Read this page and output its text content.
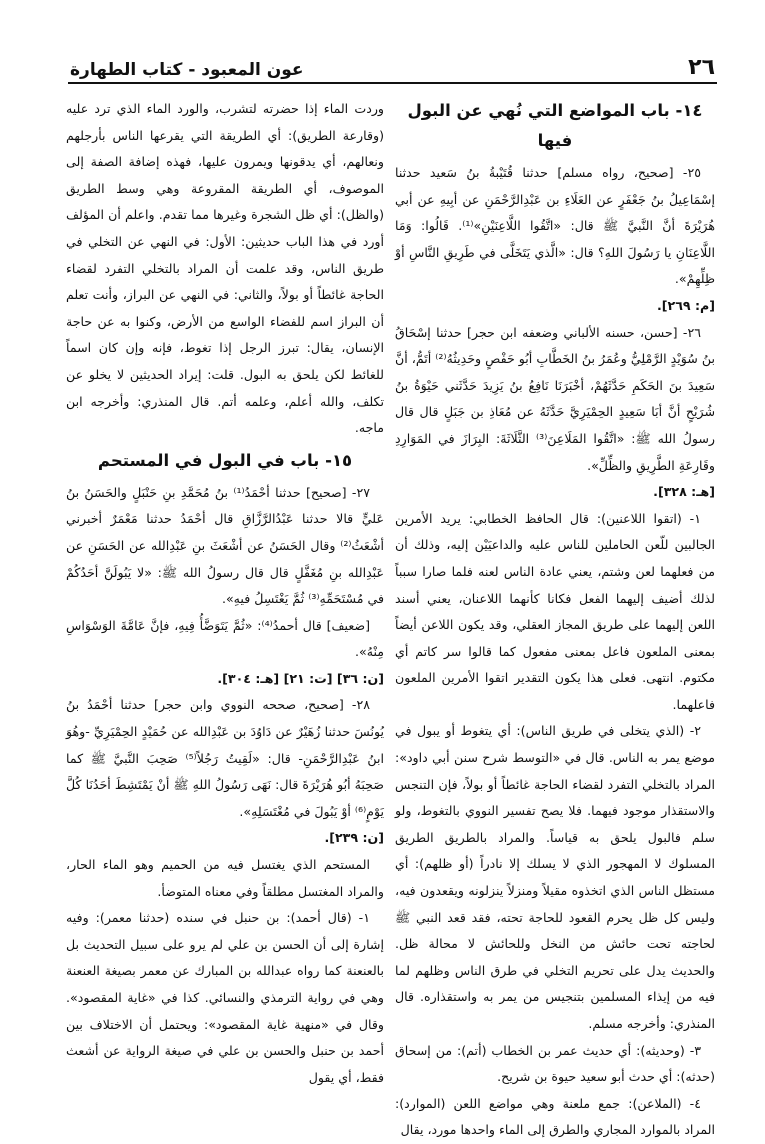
٢٦
عون المعبود - كتاب الطهارة
١٤- باب المواضع التي نُهي عن البول فيها

٢٥- [صحيح، رواه مسلم] حدثنا قُتَيْبةُ بنُ سَعيد حدثنا إسْمَاعِيلُ بنُ جَعْفَرٍ عن العَلَاءِ بن عَبْدِالرَّحْمَنِ عن أبِيهِ عن أبي هُرَيْرَةَ أنَّ النَّبيَّ ﷺ قال: «اتَّقُوا اللَّاعِنَيْنِ»⁽¹⁾. قَالُوا: وَمَا اللَّاعِنَانِ يا رَسُولَ اللهِ؟ قال: «الَّذي يَتَخَلَّى في طَرِيقِ النَّاسِ أوْ ظِلِّهِمْ».

[م: ٢٦٩].

٢٦- [حسن، حسنه الألباني وضعفه ابن حجر] حدثنا إسْحَاقُ بنُ سُوَيْدٍ الرَّمْلِيُّ وعُمَرُ بنُ الخَطَّابِ أبُو حَفْصٍ وحَدِيثُهُ⁽²⁾ أتَمُّ، أنَّ سَعِيدَ بنَ الحَكَمِ حَدَّثَهُمْ، أخْبَرَنَا نَافِعُ بنُ يَزِيدَ حَدَّثَني حَيْوَةُ بنُ شُرَيْحٍ أنَّ أبَا سَعِيدٍ الحِمْيَرِيَّ حَدَّثَهُ عن مُعَاذِ بن جَبَلٍ قال قال رسولُ الله ﷺ: «اتَّقُوا المَلَاعِنَ⁽³⁾ الثَّلَاثَةَ: البِرَازَ في المَوَارِدِ وقَارِعَةِ الطَّرِيقِ والظِّلِّ».

[هـ: ٣٢٨].

١- (اتقوا اللاعنين): قال الحافظ الخطابي: يريد الأمرين الجالبين للّعن الحاملين للناس عليه والداعيَيْن إليه، وذلك أن من فعلهما لعن وشتم، يعني عادة الناس لعنه فلما صارا سبباً لذلك أضيف إليهما الفعل فكانا كأنهما اللاعنان، يعني أسند اللعن إليهما على طريق المجاز العقلي، وقد يكون اللاعن أيضاً بمعنى الملعون فاعل بمعنى مفعول كما قالوا سر كاتم أي مكتوم. انتهى. فعلى هذا يكون التقدير اتقوا الأمرين الملعون فاعلهما.

٢- (الذي يتخلى في طريق الناس): أي يتغوط أو يبول في موضع يمر به الناس. قال في «التوسط شرح سنن أبي داود»: المراد بالتخلي التفرد لقضاء الحاجة غائطاً أو بولاً، فإن التنجس والاستقذار موجود فيهما. فلا يصح تفسير النووي بالتغوط، ولو سلم فالبول يلحق به قياساً. والمراد بالطريق الطريق المسلوك لا المهجور الذي لا يسلك إلا نادراً (أو ظلهم): أي مستظل الناس الذي اتخذوه مقيلاً ومنزلاً ينزلونه ويقعدون فيه، وليس كل ظل يحرم القعود للحاجة تحته، فقد قعد النبي ﷺ لحاجته تحت حائش من النخل وللحائش لا محالة ظل. والحديث يدل على تحريم التخلي في طرق الناس وظلهم لما فيه من إيذاء المسلمين بتنجيس من يمر به واستقذاره. قال المنذري: وأخرجه مسلم.

٣- (وحديثه): أي حديث عمر بن الخطاب (أتم): من إسحاق (حدثه): أي حدث أبو سعيد حيوة بن شريح.

٤- (الملاعن): جمع ملعنة وهي مواضع اللعن (الموارد): المراد بالموارد المجاري والطرق إلى الماء واحدها مورد، يقال

وردت الماء إذا حضرته لتشرب، والورد الماء الذي ترد عليه (وقارعة الطريق): أي الطريقة التي يقرعها الناس بأرجلهم ونعالهم، أي يدقونها ويمرون عليها، فهذه إضافة الصفة إلى الموصوف، أي الطريقة المقروعة وهي وسط الطريق (والظل): أي ظل الشجرة وغيرها مما تقدم. واعلم أن المؤلف أورد في هذا الباب حديثين: الأول: في النهي عن التخلي في طريق الناس، وقد علمت أن المراد بالتخلي التفرد لقضاء الحاجة غائطاً أو بولاً، والثاني: في النهي عن البراز، وأنت تعلم أن البراز اسم للفضاء الواسع من الأرض، وكنوا به عن حاجة الإنسان، يقال: تبرز الرجل إذا تغوط، فإنه وإن كان اسماً للغائط لكن يلحق به البول. قلت: إيراد الحديثين لا يخلو عن تكلف، والله أعلم، وعلمه أتم. قال المنذري: وأخرجه ابن ماجه.

١٥- باب في البول في المستحم

٢٧- [صحيح] حدثنا أحْمَدُ⁽¹⁾ بنُ مُحَمَّدِ بنِ حَنْبَلٍ والحَسَنُ بنُ عَليٍّ قالا حدثنا عَبْدُالرَّزَّاقِ قال أحْمَدُ حدثنا مَعْمَرٌ أخبرني أشْعَثُ⁽²⁾ وقال الحَسَنُ عن أشْعَثَ بنِ عَبْدِالله عن الحَسَنِ عن عَبْدِالله بنِ مُغَفَّلٍ قال قال رسولُ الله ﷺ: «لا يَبُولَنَّ أحَدُكُمْ في مُسْتَحَمِّهِ⁽³⁾ ثُمَّ يَغْتَسِلُ فيهِ».

[ضعيف] قال أحمدُ⁽⁴⁾: «ثُمَّ يَتَوَضَّأُ فِيهِ، فإنَّ عَامَّةَ الوَسْوَاسِ مِنْهُ».

[ن: ٣٦] [ت: ٢١] [هـ: ٣٠٤].

٢٨- [صحيح، صححه النووي وابن حجر] حدثنا أحْمَدُ بنُ يُونُسَ حدثنا زُهَيْرٌ عن دَاوُدَ بن عَبْدِالله عن حُمَيْدٍ الحِمْيَرِيِّ -وهُوَ ابنُ عَبْدِالرَّحْمَنِ- قال: «لَقِيتُ رَجُلاً⁽⁵⁾ صَحِبَ النَّبيَّ ﷺ كما صَحِبَهُ أبُو هُرَيْرَةَ قال: نَهَى رَسُولُ اللهِ ﷺ أنْ يَمْتَشِطَ أحَدُنَا كُلَّ يَوْمٍ⁽⁶⁾ أوْ يَبُولَ في مُغْتَسَلِهِ».

[ن: ٢٣٩].

المستحم الذي يغتسل فيه من الحميم وهو الماء الحار، والمراد المغتسل مطلقاً وفي معناه المتوضأ.

١- (قال أحمد): بن حنبل في سنده (حدثنا معمر): وفيه إشارة إلى أن الحسن بن علي لم يرو على سبيل التحديث بل بالعنعنة كما رواه عبدالله بن المبارك عن معمر بصيغة العنعنة وهي في رواية الترمذي والنسائي. كذا في «غاية المقصود». وقال في «منهية غاية المقصود»: ويحتمل أن الاختلاف بين أحمد بن حنبل والحسن بن علي في صيغة الرواية عن أشعث فقط، أي يقول
